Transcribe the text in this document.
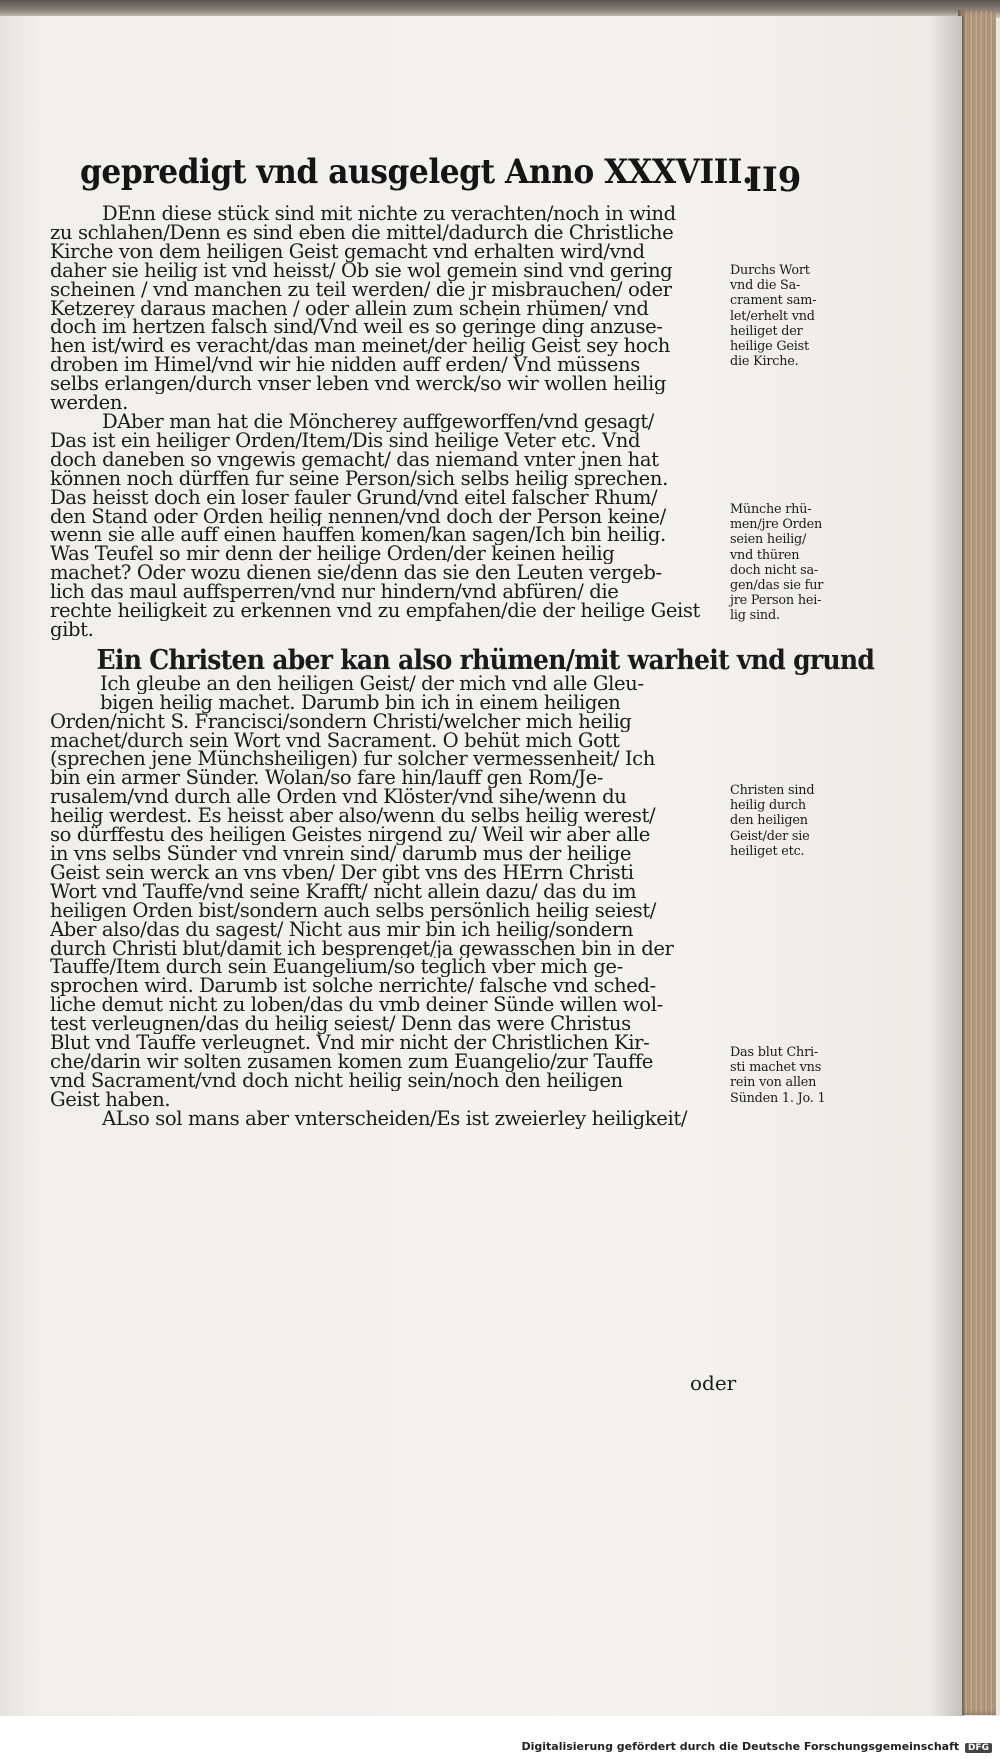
gepredigt vnd ausgelegt Anno XXXVIII.
II9
DEnn diese stück sind mit nichte zu verachten/noch in wind
zu schlahen/Denn es sind eben die mittel/dadurch die Christliche
Kirche von dem heiligen Geist gemacht vnd erhalten wird/vnd
daher sie heilig ist vnd heisst/ Ob sie wol gemein sind vnd gering
scheinen / vnd manchen zu teil werden/ die jr misbrauchen/ oder
Ketzerey daraus machen / oder allein zum schein rhümen/ vnd
doch im hertzen falsch sind/Vnd weil es so geringe ding anzuse-
hen ist/wird es veracht/das man meinet/der heilig Geist sey hoch
droben im Himel/vnd wir hie nidden auff erden/ Vnd müssens
selbs erlangen/durch vnser leben vnd werck/so wir wollen heilig
werden.
DAber man hat die Möncherey auffgeworffen/vnd gesagt/
Das ist ein heiliger Orden/Item/Dis sind heilige Veter etc. Vnd
doch daneben so vngewis gemacht/ das niemand vnter jnen hat
können noch dürffen fur seine Person/sich selbs heilig sprechen.
Das heisst doch ein loser fauler Grund/vnd eitel falscher Rhum/
den Stand oder Orden heilig nennen/vnd doch der Person keine/
wenn sie alle auff einen hauffen komen/kan sagen/Ich bin heilig.
Was Teufel so mir denn der heilige Orden/der keinen heilig
machet? Oder wozu dienen sie/denn das sie den Leuten vergeb-
lich das maul auffsperren/vnd nur hindern/vnd abfüren/ die
rechte heiligkeit zu erkennen vnd zu empfahen/die der heilige Geist
gibt.
Ein Christen aber kan also rhümen/mit warheit vnd grund
Ich gleube an den heiligen Geist/ der mich vnd alle Gleu-
bigen heilig machet. Darumb bin ich in einem heiligen
Orden/nicht S. Francisci/sondern Christi/welcher mich heilig
machet/durch sein Wort vnd Sacrament. O behüt mich Gott
(sprechen jene Münchsheiligen) fur solcher vermessenheit/ Ich
bin ein armer Sünder. Wolan/so fare hin/lauff gen Rom/Je-
rusalem/vnd durch alle Orden vnd Klöster/vnd sihe/wenn du
heilig werdest. Es heisst aber also/wenn du selbs heilig werest/
so dürffestu des heiligen Geistes nirgend zu/ Weil wir aber alle
in vns selbs Sünder vnd vnrein sind/ darumb mus der heilige
Geist sein werck an vns vben/ Der gibt vns des HErrn Christi
Wort vnd Tauffe/vnd seine Krafft/ nicht allein dazu/ das du im
heiligen Orden bist/sondern auch selbs persönlich heilig seiest/
Aber also/das du sagest/ Nicht aus mir bin ich heilig/sondern
durch Christi blut/damit ich besprenget/ja gewasschen bin in der
Tauffe/Item durch sein Euangelium/so teglich vber mich ge-
sprochen wird. Darumb ist solche nerrichte/ falsche vnd sched-
liche demut nicht zu loben/das du vmb deiner Sünde willen wol-
test verleugnen/das du heilig seiest/ Denn das were Christus
Blut vnd Tauffe verleugnet. Vnd mir nicht der Christlichen Kir-
che/darin wir solten zusamen komen zum Euangelio/zur Tauffe
vnd Sacrament/vnd doch nicht heilig sein/noch den heiligen
Geist haben.
ALso sol mans aber vnterscheiden/Es ist zweierley heiligkeit/
Durchs Wort
vnd die Sa-
crament sam-
let/erhelt vnd
heiliget der
heilige Geist
die Kirche.
Münche rhü-
men/jre Orden
seien heilig/
vnd thüren
doch nicht sa-
gen/das sie fur
jre Person hei-
lig sind.
Christen sind
heilig durch
den heiligen
Geist/der sie
heiliget etc.
Das blut Chri-
sti machet vns
rein von allen
Sünden 1. Jo. 1
oder
Digitalisierung gefördert durch die Deutsche Forschungsgemeinschaft DFG
